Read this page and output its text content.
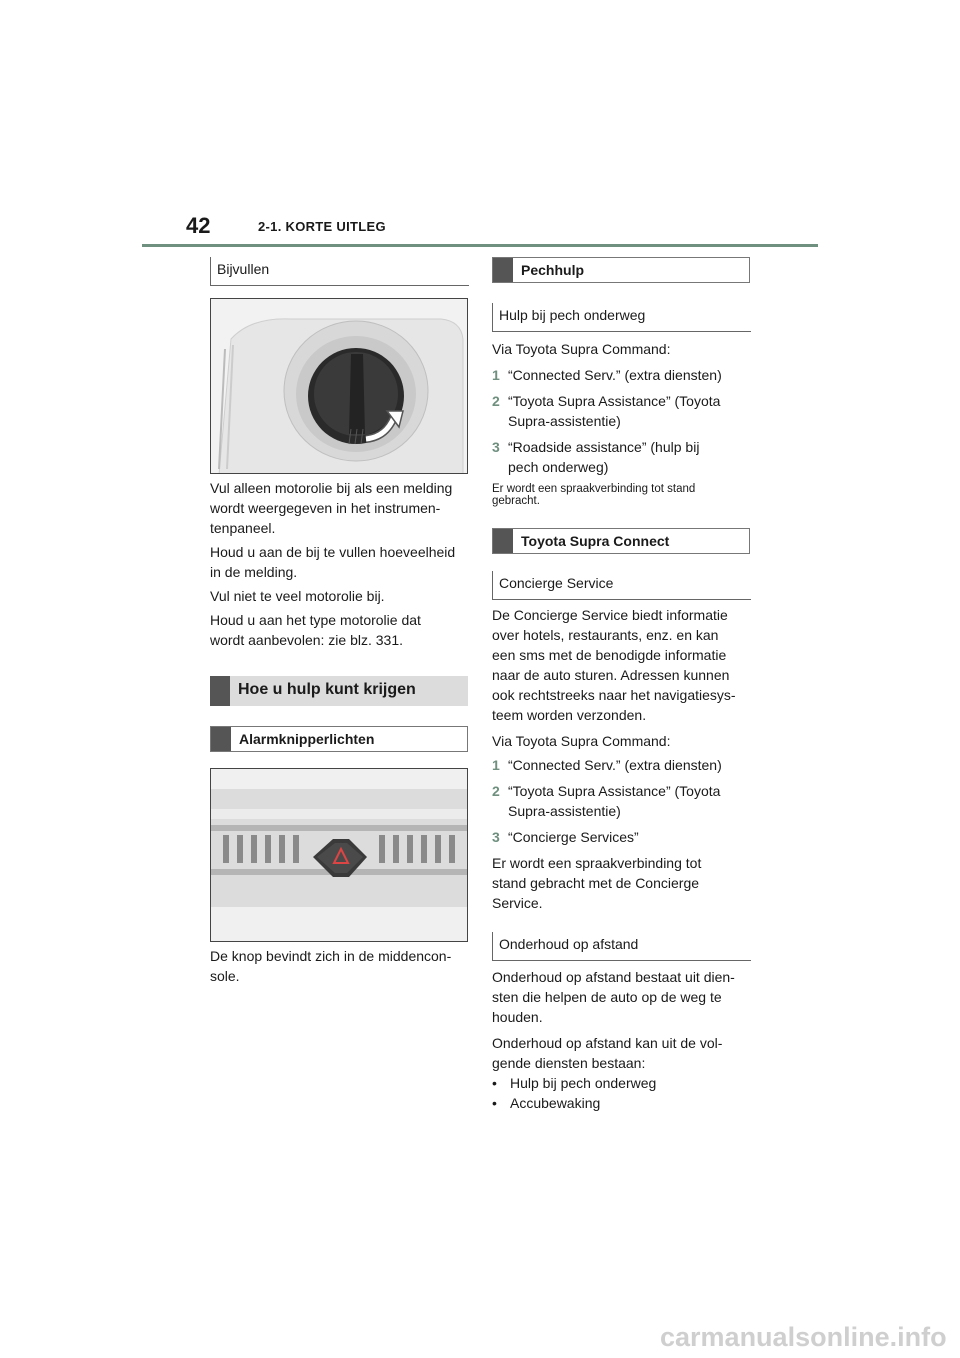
42	2-1. KORTE UITLEG
Bijvullen
Vul alleen motorolie bij als een melding
wordt weergegeven in het instrumen-
tenpaneel.
Houd u aan de bij te vullen hoeveelheid
in de melding.
Vul niet te veel motorolie bij.
Houd u aan het type motorolie dat
wordt aanbevolen: zie blz. 331.
Hoe u hulp kunt krijgen
Alarmknipperlichten
De knop bevindt zich in de middencon-
sole.
Pechhulp
Hulp bij pech onderweg
Via Toyota Supra Command:
1 “Connected Serv.” (extra diensten)
2 “Toyota Supra Assistance” (Toyota
Supra-assistentie)
3 “Roadside assistance” (hulp bij
pech onderweg)
Er wordt een spraakverbinding tot stand
gebracht.
Toyota Supra Connect
Concierge Service
De Concierge Service biedt informatie
over hotels, restaurants, enz. en kan
een sms met de benodigde informatie
naar de auto sturen. Adressen kunnen
ook rechtstreeks naar het navigatiesys-
teem worden verzonden.
Via Toyota Supra Command:
1 “Connected Serv.” (extra diensten)
2 “Toyota Supra Assistance” (Toyota
Supra-assistentie)
3 “Concierge Services”
Er wordt een spraakverbinding tot
stand gebracht met de Concierge
Service.
Onderhoud op afstand
Onderhoud op afstand bestaat uit dien-
sten die helpen de auto op de weg te
houden.
Onderhoud op afstand kan uit de vol-
gende diensten bestaan:
• Hulp bij pech onderweg
• Accubewaking
carmanualsonline.info
